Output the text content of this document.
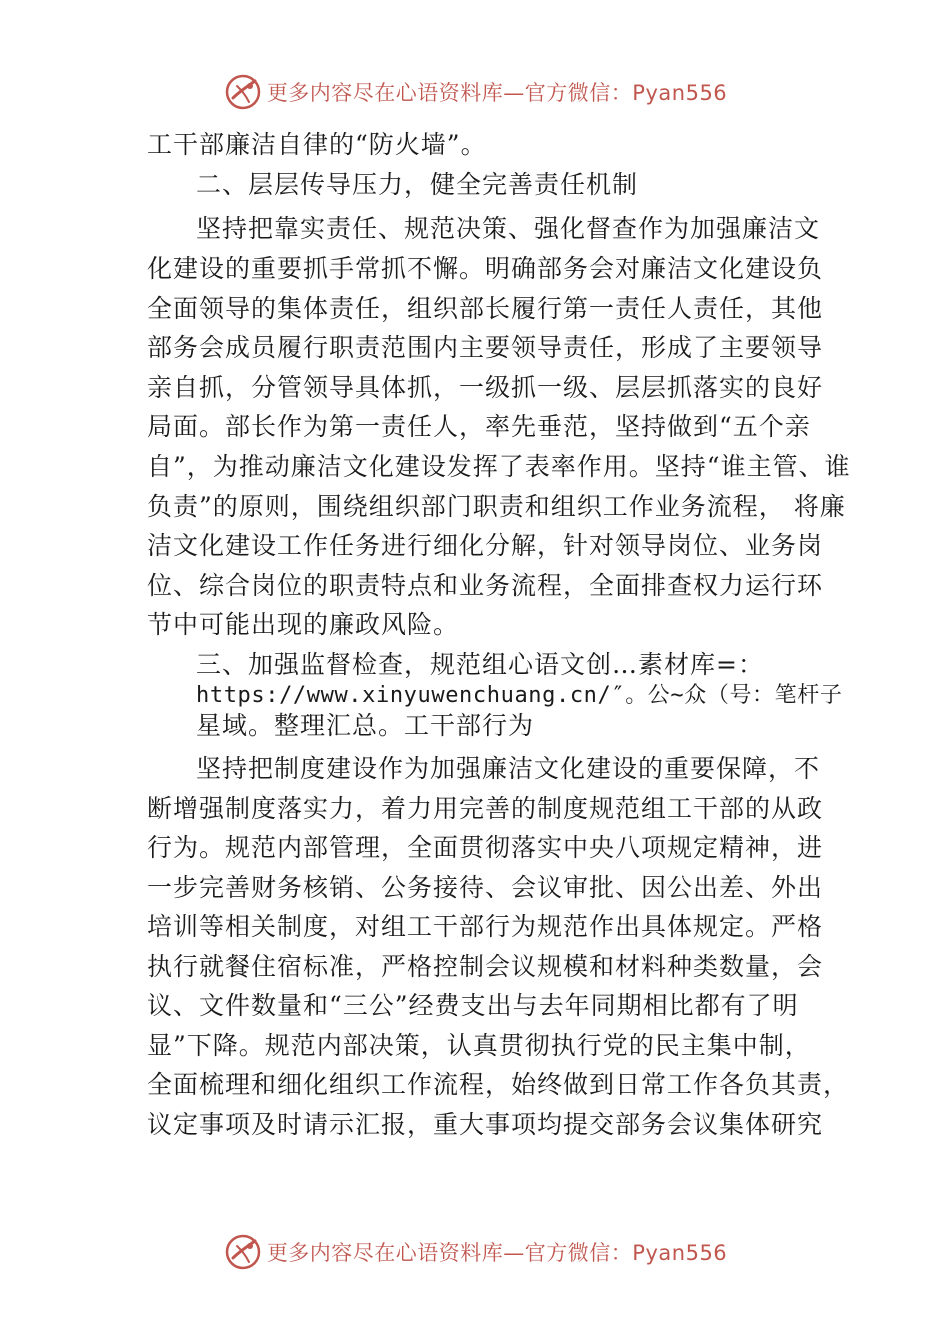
更多内容尽在心语资料库—官方微信：Pyan556
工干部廉洁自律的“防火墙”。
二、层层传导压力，健全完善责任机制
坚持把靠实责任、规范决策、强化督查作为加强廉洁文
化建设的重要抓手常抓不懈。明确部务会对廉洁文化建设负
全面领导的集体责任，组织部长履行第一责任人责任，其他
部务会成员履行职责范围内主要领导责任，形成了主要领导
亲自抓，分管领导具体抓，一级抓一级、层层抓落实的良好
局面。部长作为第一责任人，率先垂范，坚持做到“五个亲
自”，为推动廉洁文化建设发挥了表率作用。坚持“谁主管、谁
负责”的原则，围绕组织部门职责和组织工作业务流程， 将廉
洁文化建设工作任务进行细化分解，针对领导岗位、业务岗
位、综合岗位的职责特点和业务流程，全面排查权力运行环
节中可能出现的廉政风险。
三、加强监督检查，规范组心语文创…素材库=：
https://www.xinyuwenchuang.cn/″。公~众（号：笔杆子
星域。整理汇总。工干部行为
坚持把制度建设作为加强廉洁文化建设的重要保障，不
断增强制度落实力，着力用完善的制度规范组工干部的从政
行为。规范内部管理，全面贯彻落实中央八项规定精神，进
一步完善财务核销、公务接待、会议审批、因公出差、外出
培训等相关制度，对组工干部行为规范作出具体规定。严格
执行就餐住宿标准，严格控制会议规模和材料种类数量，会
议、文件数量和“三公”经费支出与去年同期相比都有了明
显”下降。规范内部决策，认真贯彻执行党的民主集中制，
全面梳理和细化组织工作流程，始终做到日常工作各负其责，
议定事项及时请示汇报，重大事项均提交部务会议集体研究
更多内容尽在心语资料库—官方微信：Pyan556
